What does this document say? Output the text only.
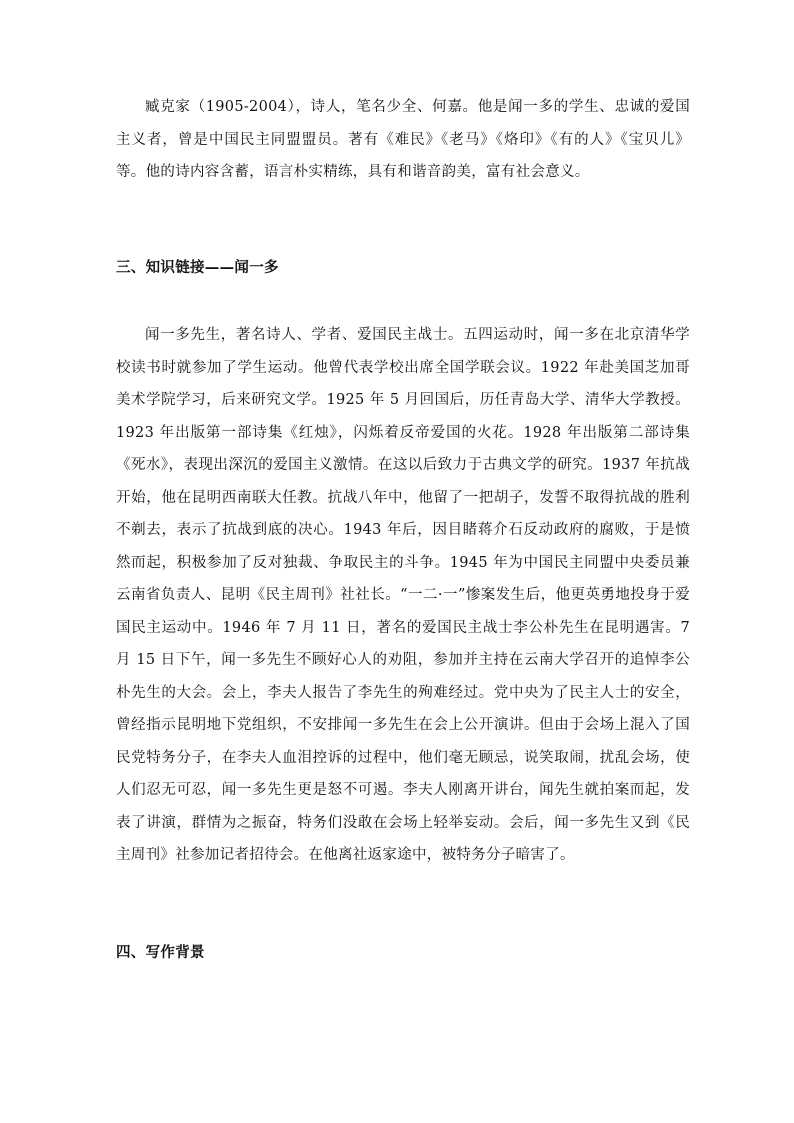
臧克家（1905-2004），诗人，笔名少全、何嘉。他是闻一多的学生、忠诚的爱国主义者，曾是中国民主同盟盟员。著有《难民》《老马》《烙印》《有的人》《宝贝儿》等。他的诗内容含蓄，语言朴实精练，具有和谐音韵美，富有社会意义。

三、知识链接——闻一多

闻一多先生，著名诗人、学者、爱国民主战士。五四运动时，闻一多在北京清华学校读书时就参加了学生运动。他曾代表学校出席全国学联会议。1922 年赴美国芝加哥美术学院学习，后来研究文学。1925 年 5 月回国后，历任青岛大学、清华大学教授。1923 年出版第一部诗集《红烛》，闪烁着反帝爱国的火花。1928 年出版第二部诗集《死水》，表现出深沉的爱国主义激情。在这以后致力于古典文学的研究。1937 年抗战开始，他在昆明西南联大任教。抗战八年中，他留了一把胡子，发誓不取得抗战的胜利不剃去，表示了抗战到底的决心。1943 年后，因目睹蒋介石反动政府的腐败，于是愤然而起，积极参加了反对独裁、争取民主的斗争。1945 年为中国民主同盟中央委员兼云南省负责人、昆明《民主周刊》社社长。“一二·一”惨案发生后，他更英勇地投身于爱国民主运动中。1946 年 7 月 11 日，著名的爱国民主战士李公朴先生在昆明遇害。7 月 15 日下午，闻一多先生不顾好心人的劝阻，参加并主持在云南大学召开的追悼李公朴先生的大会。会上，李夫人报告了李先生的殉难经过。党中央为了民主人士的安全，曾经指示昆明地下党组织，不安排闻一多先生在会上公开演讲。但由于会场上混入了国民党特务分子，在李夫人血泪控诉的过程中，他们毫无顾忌，说笑取闹，扰乱会场，使人们忍无可忍，闻一多先生更是怒不可遏。李夫人刚离开讲台，闻先生就拍案而起，发表了讲演，群情为之振奋，特务们没敢在会场上轻举妄动。会后，闻一多先生又到《民主周刊》社参加记者招待会。在他离社返家途中，被特务分子暗害了。

四、写作背景
